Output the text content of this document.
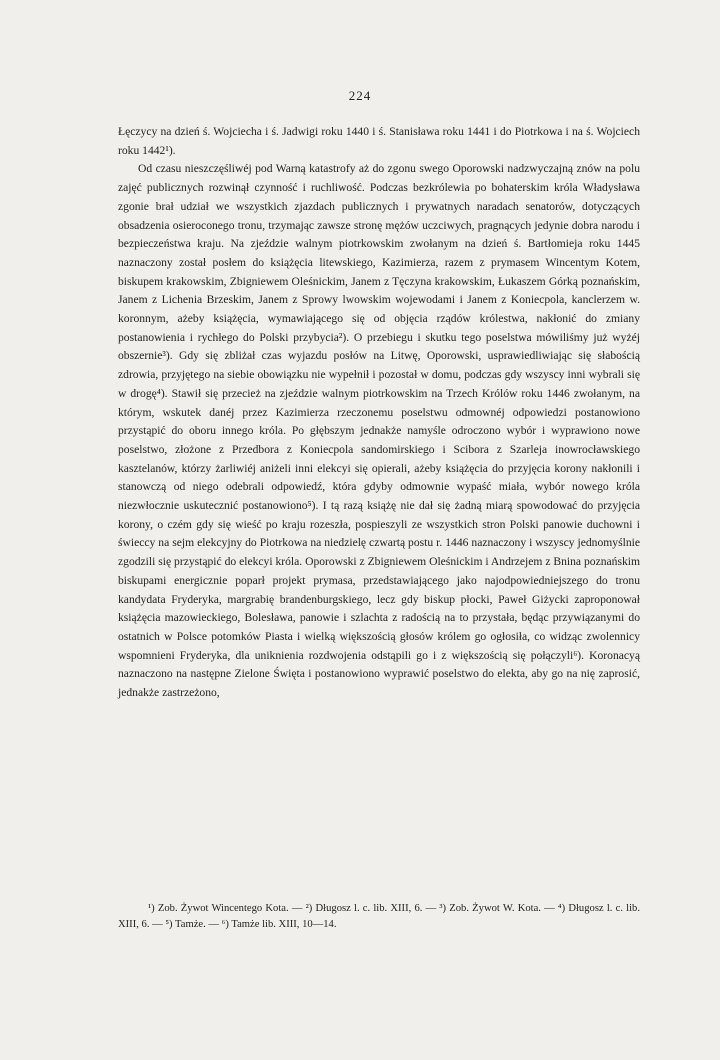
224

Łęczycy na dzień ś. Wojciecha i ś. Jadwigi roku 1440 i ś. Stanisława roku 1441 i do Piotrkowa i na ś. Wojciech roku 1442¹).

Od czasu nieszczęśliwéj pod Warną katastrofy aż do zgonu swego Oporowski nadzwyczajną znów na polu zajęć publicznych rozwinął czynność i ruchliwość. Podczas bezkrólewia po bohaterskim króla Władysława zgonie brał udział we wszystkich zjazdach publicznych i prywatnych naradach senatorów, dotyczących obsadzenia osieroconego tronu, trzymając zawsze stronę mężów uczciwych, pragnących jedynie dobra narodu i bezpieczeństwa kraju. Na zjeździe walnym piotrkowskim zwołanym na dzień ś. Bartłomieja roku 1445 naznaczony został posłem do książęcia litewskiego, Kazimierza, razem z prymasem Wincentym Kotem, biskupem krakowskim, Zbigniewem Oleśnickim, Janem z Tęczyna krakowskim, Łukaszem Górką poznańskim, Janem z Lichenia Brzeskim, Janem z Sprowy lwowskim wojewodami i Janem z Koniecpola, kanclerzem w. koronnym, ażeby książęcia, wymawiającego się od objęcia rządów królestwa, nakłonić do zmiany postanowienia i rychłego do Polski przybycia²). O przebiegu i skutku tego poselstwa mówiliśmy już wyżéj obszernie³). Gdy się zbliżał czas wyjazdu posłów na Litwę, Oporowski, usprawiedliwiając się słabością zdrowia, przyjętego na siebie obowiązku nie wypełnił i pozostał w domu, podczas gdy wszyscy inni wybrali się w drogę⁴). Stawił się przecież na zjeździe walnym piotrkowskim na Trzech Królów roku 1446 zwołanym, na którym, wskutek danéj przez Kazimierza rzeczonemu poselstwu odmownéj odpowiedzi postanowiono przystąpić do oboru innego króla. Po głębszym jednakże namyśle odroczono wybór i wyprawiono nowe poselstwo, złożone z Przedbora z Koniecpola sandomirskiego i Scibora z Szarleja inowrocławskiego kasztelanów, którzy żarliwiéj aniżeli inni elekcyi się opierali, ażeby książęcia do przyjęcia korony nakłonili i stanowczą od niego odebrali odpowiedź, która gdyby odmownie wypaść miała, wybór nowego króla niezwłocznie uskutecznić postanowiono⁵). I tą razą książę nie dał się żadną miarą spowodować do przyjęcia korony, o czém gdy się wieść po kraju rozeszła, pospieszyli ze wszystkich stron Polski panowie duchowni i świeccy na sejm elekcyjny do Piotrkowa na niedzielę czwartą postu r. 1446 naznaczony i wszyscy jednomyślnie zgodzili się przystąpić do elekcyi króla. Oporowski z Zbigniewem Oleśnickim i Andrzejem z Bnina poznańskim biskupami energicznie poparł projekt prymasa, przedstawiającego jako najodpowiedniejszego do tronu kandydata Fryderyka, margrabię brandenburgskiego, lecz gdy biskup płocki, Paweł Giżycki zaproponował książęcia mazowieckiego, Bolesława, panowie i szlachta z radością na to przystała, będąc przywiązanymi do ostatnich w Polsce potomków Piasta i wielką większością głosów królem go ogłosiła, co widząc zwolennicy wspomnieni Fryderyka, dla uniknienia rozdwojenia odstąpili go i z większością się połączyli⁶). Koronacyą naznaczono na następne Zielone Święta i postanowiono wyprawić poselstwo do elekta, aby go na nię zaprosić, jednakże zastrzeżono,

¹) Zob. Żywot Wincentego Kota. — ²) Długosz l. c. lib. XIII, 6. — ³) Zob. Żywot W. Kota. — ⁴) Długosz l. c. lib. XIII, 6. — ⁵) Tamże. — ⁶) Tamże lib. XIII, 10—14.
